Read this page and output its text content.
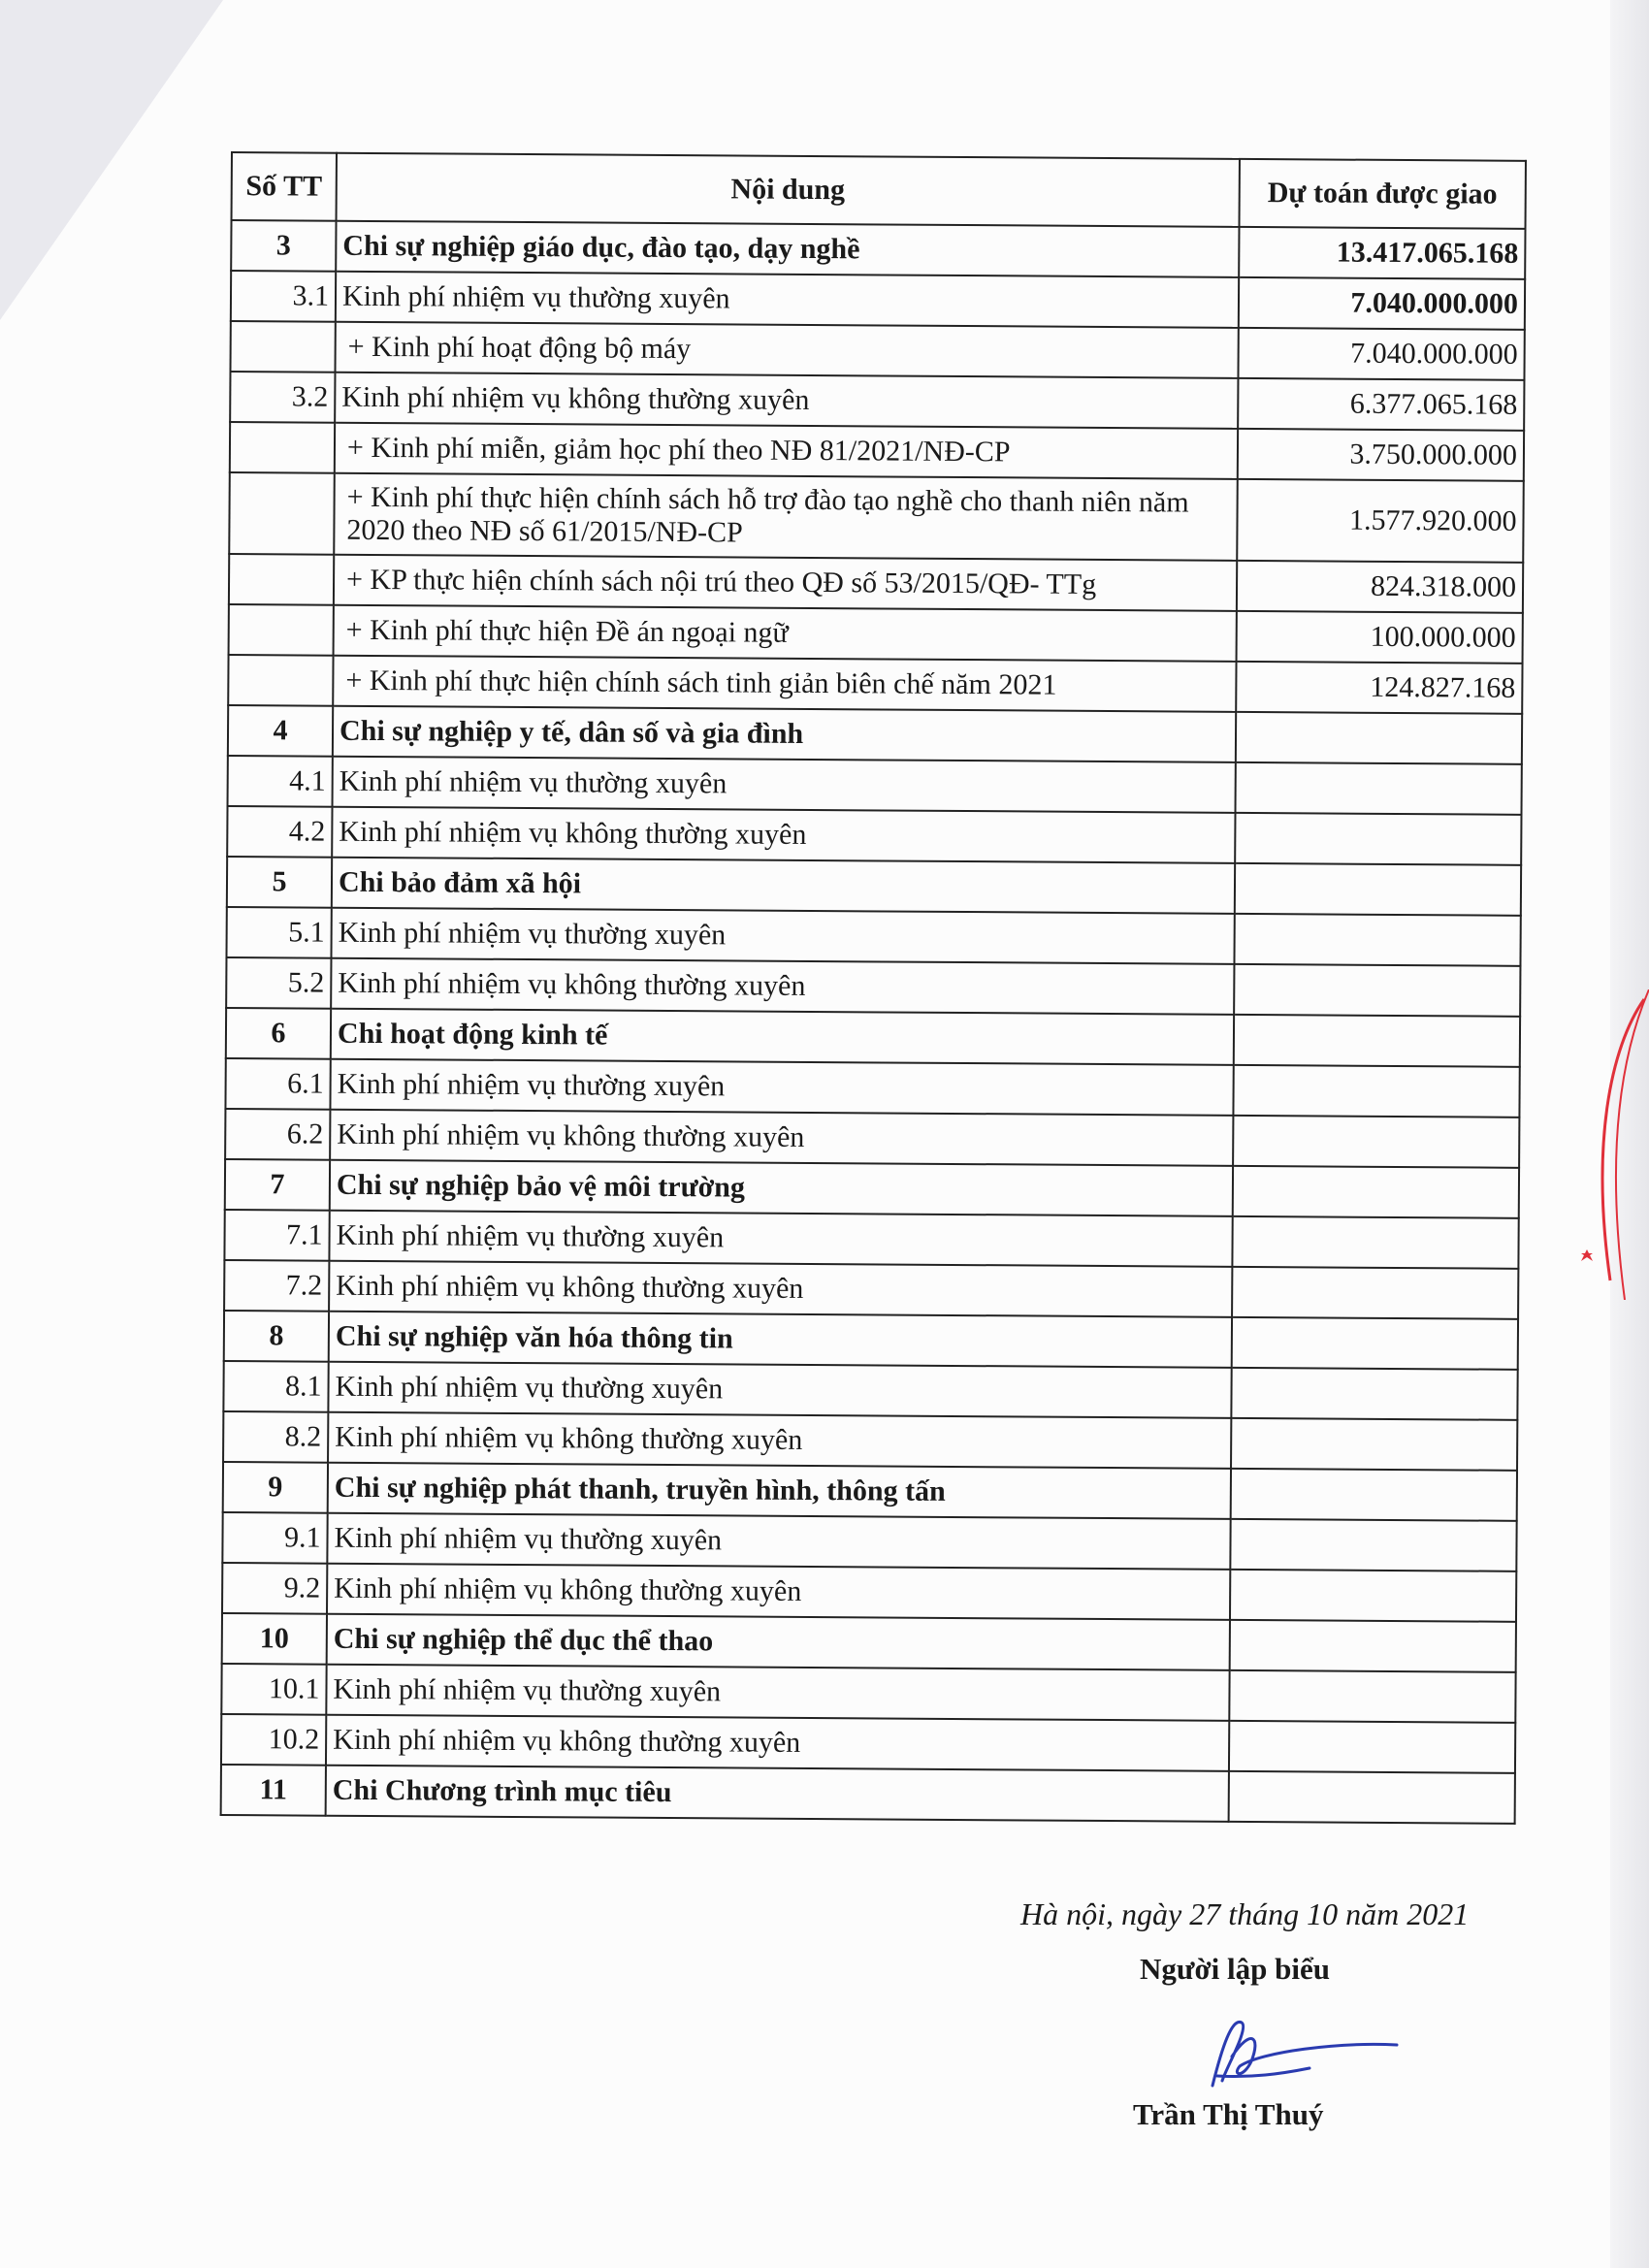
Số TT	Nội dung	Dự toán được giao
3	Chi sự nghiệp giáo dục, đào tạo, dạy nghề	13.417.065.168
3.1	Kinh phí nhiệm vụ thường xuyên	7.040.000.000
	+ Kinh phí hoạt động bộ máy	7.040.000.000
3.2	Kinh phí nhiệm vụ không thường xuyên	6.377.065.168
	+ Kinh phí miễn, giảm học phí theo NĐ 81/2021/NĐ-CP	3.750.000.000
	+ Kinh phí thực hiện chính sách hỗ trợ đào tạo nghề cho thanh niên năm 2020 theo NĐ số 61/2015/NĐ-CP	1.577.920.000
	+ KP thực hiện chính sách nội trú theo QĐ số 53/2015/QĐ- TTg	824.318.000
	+ Kinh phí thực hiện Đề án ngoại ngữ	100.000.000
	+ Kinh phí thực hiện chính sách tinh giản biên chế năm 2021	124.827.168
4	Chi sự nghiệp y tế, dân số và gia đình	
4.1	Kinh phí nhiệm vụ thường xuyên	
4.2	Kinh phí nhiệm vụ không thường xuyên	
5	Chi bảo đảm xã hội	
5.1	Kinh phí nhiệm vụ thường xuyên	
5.2	Kinh phí nhiệm vụ không thường xuyên	
6	Chi hoạt động kinh tế	
6.1	Kinh phí nhiệm vụ thường xuyên	
6.2	Kinh phí nhiệm vụ không thường xuyên	
7	Chi sự nghiệp bảo vệ môi trường	
7.1	Kinh phí nhiệm vụ thường xuyên	
7.2	Kinh phí nhiệm vụ không thường xuyên	
8	Chi sự nghiệp văn hóa thông tin	
8.1	Kinh phí nhiệm vụ thường xuyên	
8.2	Kinh phí nhiệm vụ không thường xuyên	
9	Chi sự nghiệp phát thanh, truyền hình, thông tấn	
9.1	Kinh phí nhiệm vụ thường xuyên	
9.2	Kinh phí nhiệm vụ không thường xuyên	
10	Chi sự nghiệp thể dục thể thao	
10.1	Kinh phí nhiệm vụ thường xuyên	
10.2	Kinh phí nhiệm vụ không thường xuyên	
11	Chi Chương trình mục tiêu	
Hà nội, ngày 27 tháng 10 năm 2021
Người lập biểu
Trần Thị Thuý
